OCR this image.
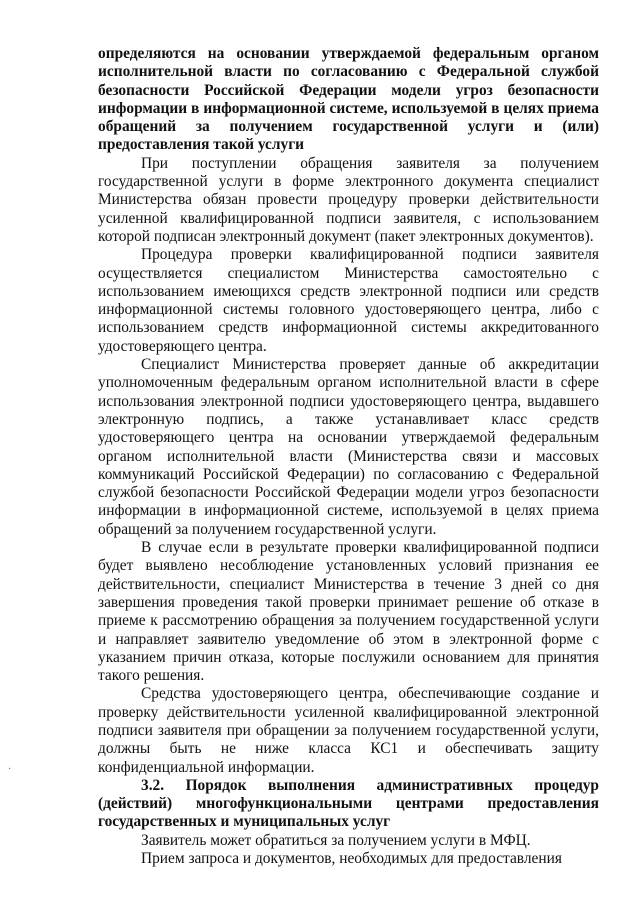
определяются на основании утверждаемой федеральным органом исполнительной власти по согласованию с Федеральной службой безопасности Российской Федерации модели угроз безопасности информации в информационной системе, используемой в целях приема обращений за получением государственной услуги и (или) предоставления такой услуги

При поступлении обращения заявителя за получением государственной услуги в форме электронного документа специалист Министерства обязан провести процедуру проверки действительности усиленной квалифицированной подписи заявителя, с использованием которой подписан электронный документ (пакет электронных документов).

Процедура проверки квалифицированной подписи заявителя осуществляется специалистом Министерства самостоятельно с использованием имеющихся средств электронной подписи или средств информационной системы головного удостоверяющего центра, либо с использованием средств информационной системы аккредитованного удостоверяющего центра.

Специалист Министерства проверяет данные об аккредитации уполномоченным федеральным органом исполнительной власти в сфере использования электронной подписи удостоверяющего центра, выдавшего электронную подпись, а также устанавливает класс средств удостоверяющего центра на основании утверждаемой федеральным органом исполнительной власти (Министерства связи и массовых коммуникаций Российской Федерации) по согласованию с Федеральной службой безопасности Российской Федерации модели угроз безопасности информации в информационной системе, используемой в целях приема обращений за получением государственной услуги.

В случае если в результате проверки квалифицированной подписи будет выявлено несоблюдение установленных условий признания ее действительности, специалист Министерства в течение 3 дней со дня завершения проведения такой проверки принимает решение об отказе в приеме к рассмотрению обращения за получением государственной услуги и направляет заявителю уведомление об этом в электронной форме с указанием причин отказа, которые послужили основанием для принятия такого решения.

Средства удостоверяющего центра, обеспечивающие создание и проверку действительности усиленной квалифицированной электронной подписи заявителя при обращении за получением государственной услуги, должны быть не ниже класса КС1 и обеспечивать защиту конфиденциальной информации.

3.2. Порядок выполнения административных процедур (действий) многофункциональными центрами предоставления государственных и муниципальных услуг

Заявитель может обратиться за получением услуги в МФЦ.

Прием запроса и документов, необходимых для предоставления

·
